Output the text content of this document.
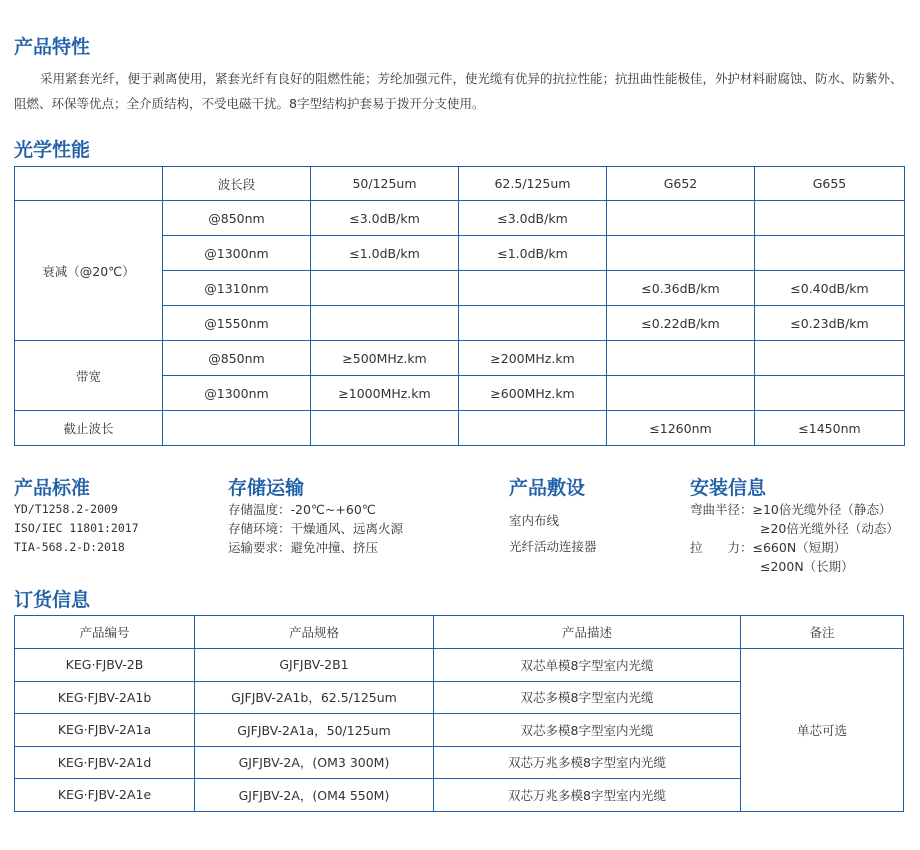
产品特性

采用紧套光纤，便于剥离使用，紧套光纤有良好的阻燃性能；芳纶加强元件，使光缆有优异的抗拉性能；抗扭曲性能极佳，外护材料耐腐蚀、防水、防紫外、阻燃、环保等优点；全介质结构，不受电磁干扰。8字型结构护套易于拨开分支使用。

光学性能
	波长段	50/125um	62.5/125um	G652	G655
衰减（@20℃）	@850nm	≤3.0dB/km	≤3.0dB/km		
	@1300nm	≤1.0dB/km	≤1.0dB/km		
	@1310nm			≤0.36dB/km	≤0.40dB/km
	@1550nm			≤0.22dB/km	≤0.23dB/km
带宽	@850nm	≥500MHz.km	≥200MHz.km		
	@1300nm	≥1000MHz.km	≥600MHz.km		
截止波长				≤1260nm	≤1450nm
产品标准
YD/T1258.2-2009
ISO/IEC 11801:2017
TIA-568.2-D:2018
存储运输
存储温度：-20℃~+60℃
存储环境：干燥通风、远离火源
运输要求：避免冲撞、挤压
产品敷设
室内布线
光纤活动连接器
安装信息
弯曲半径：≥10倍光缆外径（静态）
≥20倍光缆外径（动态）
拉　　力：≤660N（短期）
≤200N（长期）
订货信息
产品编号	产品规格	产品描述	备注
KEG·FJBV-2B	GJFJBV-2B1	双芯单模8字型室内光缆	单芯可选
KEG·FJBV-2A1b	GJFJBV-2A1b，62.5/125um	双芯多模8字型室内光缆	
KEG·FJBV-2A1a	GJFJBV-2A1a，50/125um	双芯多模8字型室内光缆	
KEG·FJBV-2A1d	GJFJBV-2A，(OM3 300M)	双芯万兆多模8字型室内光缆	
KEG·FJBV-2A1e	GJFJBV-2A，(OM4 550M)	双芯万兆多模8字型室内光缆	
